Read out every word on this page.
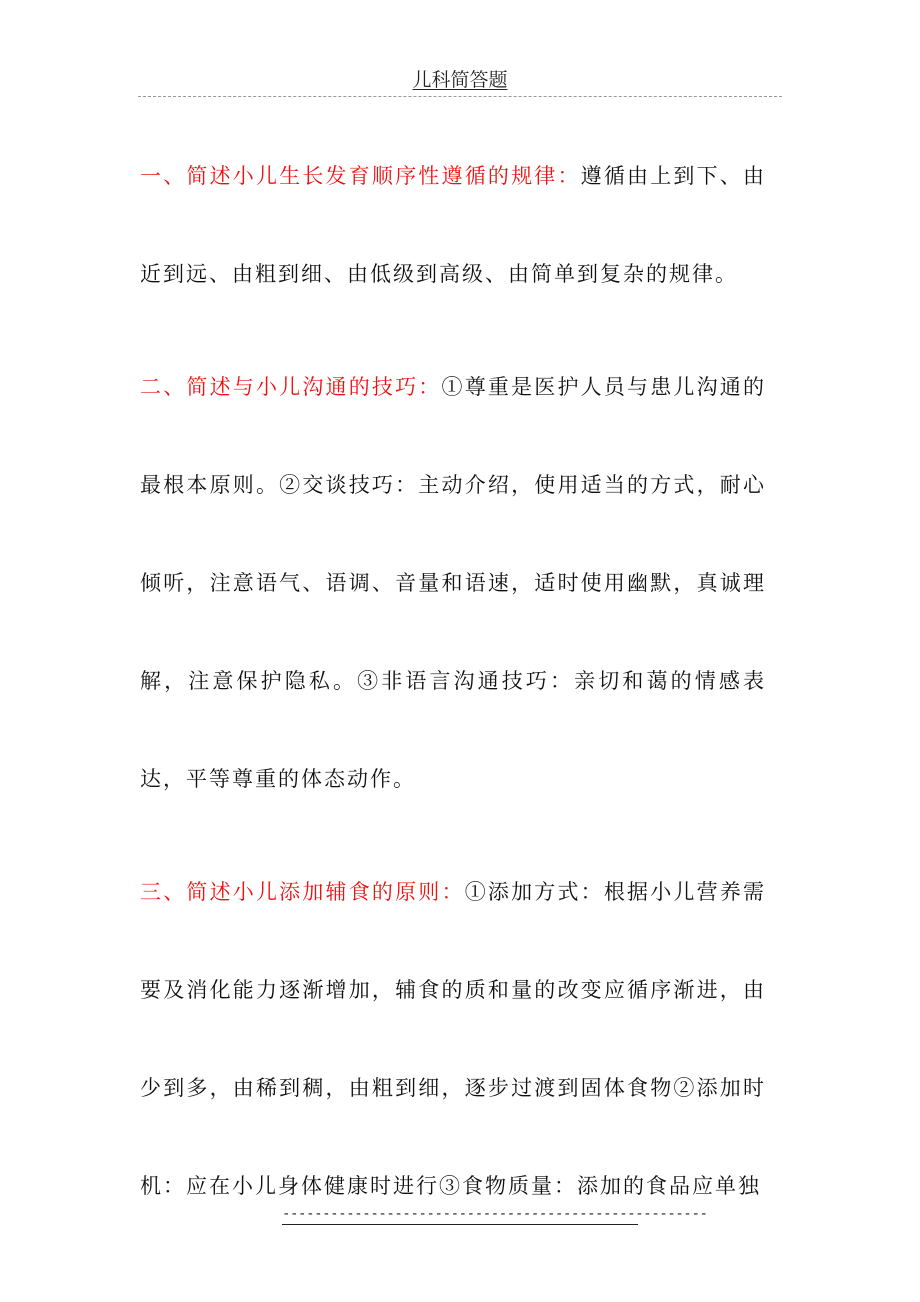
儿科简答题

一、简述小儿生长发育顺序性遵循的规律：遵循由上到下、由近到远、由粗到细、由低级到高级、由简单到复杂的规律。

二、简述与小儿沟通的技巧：①尊重是医护人员与患儿沟通的最根本原则。②交谈技巧：主动介绍，使用适当的方式，耐心倾听，注意语气、语调、音量和语速，适时使用幽默，真诚理解，注意保护隐私。③非语言沟通技巧：亲切和蔼的情感表达，平等尊重的体态动作。

三、简述小儿添加辅食的原则：①添加方式：根据小儿营养需要及消化能力逐渐增加，辅食的质和量的改变应循序渐进，由少到多，由稀到稠，由粗到细，逐步过渡到固体食物②添加时机：应在小儿身体健康时进行③食物质量：添加的食品应单独

-----------------------------------------------------
